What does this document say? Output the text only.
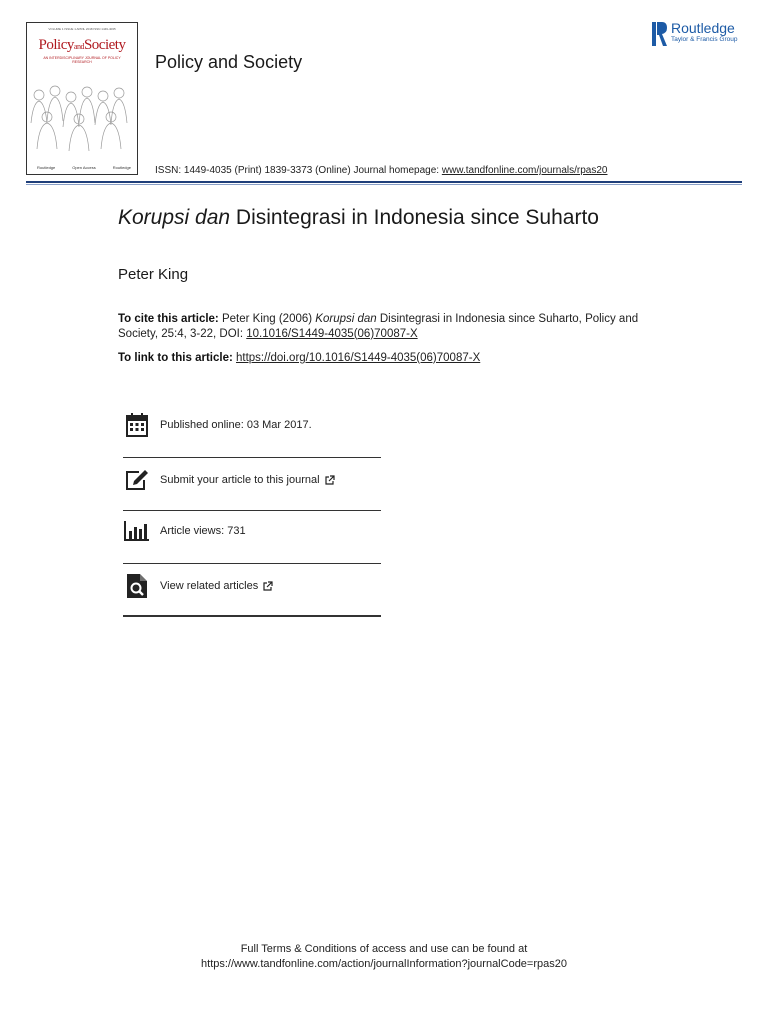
VOLUME 1 ISSUE 1 APRIL 2018 ISSN 1449-4035
PolicyandSociety
AN INTERDISCIPLINARY JOURNAL OF POLICY RESEARCH
Routledge	Open Access	Routledge
Policy and Society
ISSN: 1449-4035 (Print) 1839-3373 (Online) Journal homepage: www.tandfonline.com/journals/rpas20
Routledge
Taylor & Francis Group
Korupsi dan Disintegrasi in Indonesia since Suharto
Peter King
To cite this article: Peter King (2006) Korupsi dan Disintegrasi in Indonesia since Suharto, Policy and Society, 25:4, 3-22, DOI: 10.1016/S1449-4035(06)70087-X
To link to this article: https://doi.org/10.1016/S1449-4035(06)70087-X
Published online: 03 Mar 2017.
Submit your article to this journal
Article views: 731
View related articles
Full Terms & Conditions of access and use can be found at
https://www.tandfonline.com/action/journalInformation?journalCode=rpas20
